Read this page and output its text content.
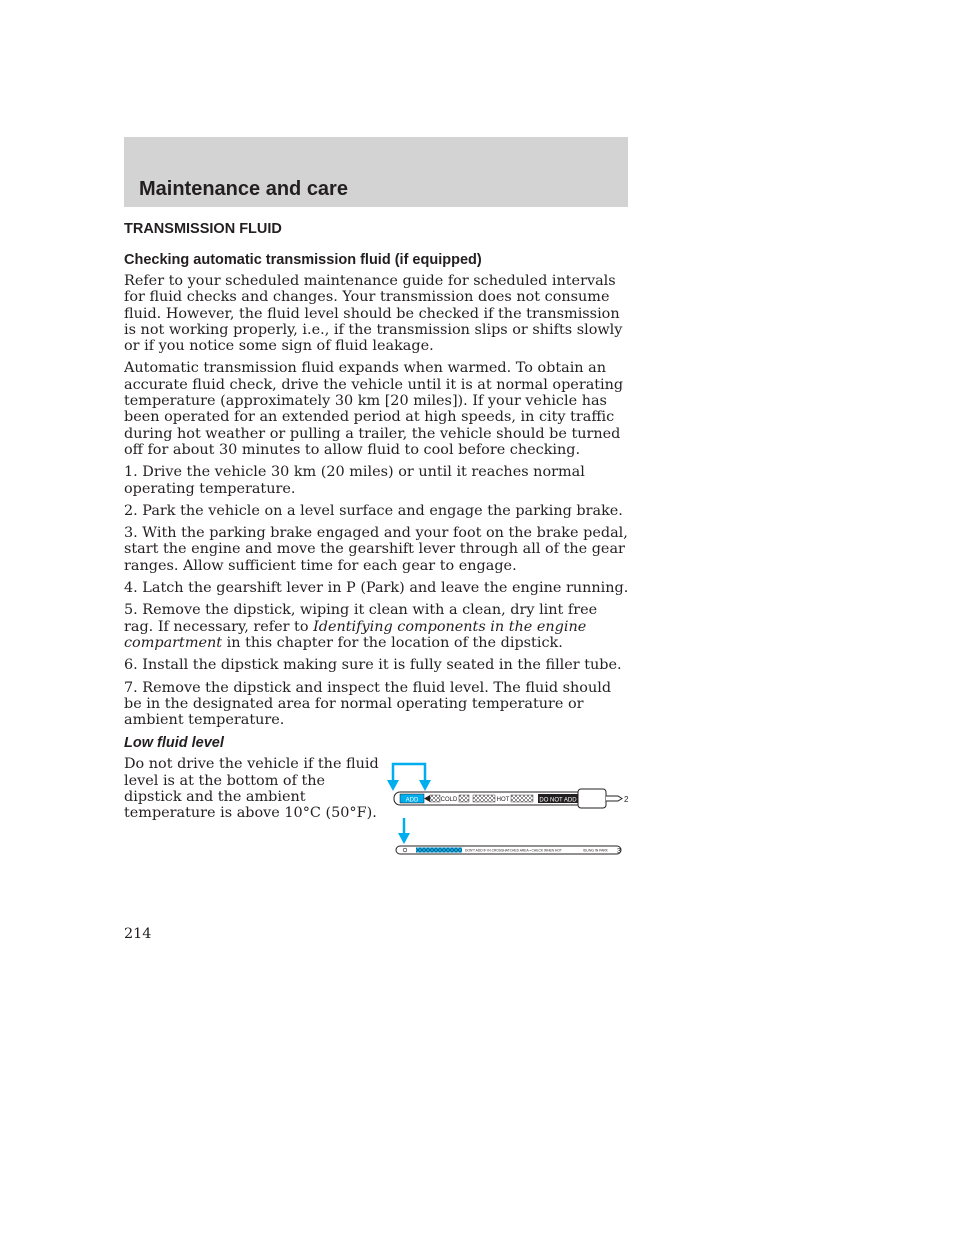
Maintenance and care
TRANSMISSION FLUID
Checking automatic transmission fluid (if equipped)

Refer to your scheduled maintenance guide for scheduled intervals for fluid checks and changes. Your transmission does not consume fluid. However, the fluid level should be checked if the transmission is not working properly, i.e., if the transmission slips or shifts slowly or if you notice some sign of fluid leakage.

Automatic transmission fluid expands when warmed. To obtain an accurate fluid check, drive the vehicle until it is at normal operating temperature (approximately 30 km [20 miles]). If your vehicle has been operated for an extended period at high speeds, in city traffic during hot weather or pulling a trailer, the vehicle should be turned off for about 30 minutes to allow fluid to cool before checking.

1. Drive the vehicle 30 km (20 miles) or until it reaches normal operating temperature.

2. Park the vehicle on a level surface and engage the parking brake.

3. With the parking brake engaged and your foot on the brake pedal, start the engine and move the gearshift lever through all of the gear ranges. Allow sufficient time for each gear to engage.

4. Latch the gearshift lever in P (Park) and leave the engine running.

5. Remove the dipstick, wiping it clean with a clean, dry lint free rag. If necessary, refer to Identifying components in the engine compartment in this chapter for the location of the dipstick.

6. Install the dipstick making sure it is fully seated in the filler tube.

7. Remove the dipstick and inspect the fluid level. The fluid should be in the designated area for normal operating temperature or ambient temperature.

Low fluid level

Do not drive the vehicle if the fluid level is at the bottom of the dipstick and the ambient temperature is above 10°C (50°F).

ADD	COLD	HOT	DO NOT ADD	2
DON'T ADD IF IN CROSSHATCHED AREA • CHECK WHEN HOT	IDLING IN PARK 3

214
